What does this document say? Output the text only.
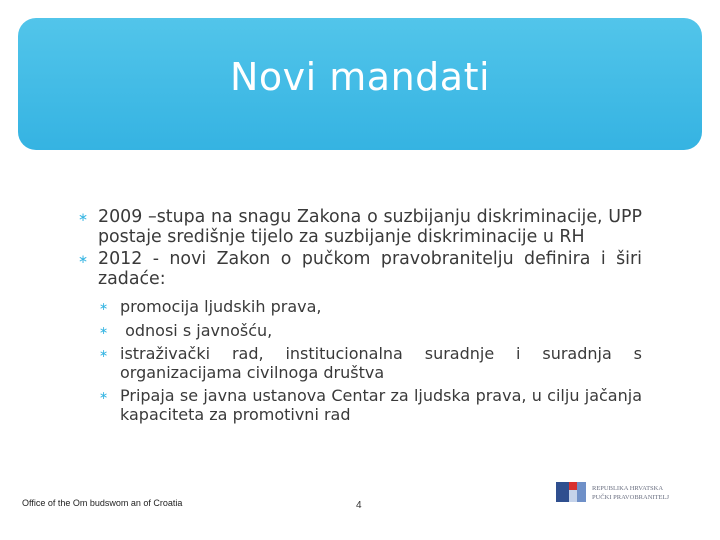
Novi mandati
∗ 2009 –stupa na snagu Zakona o suzbijanju diskriminacije, UPP postaje središnje tijelo za suzbijanje diskriminacije u RH
∗ 2012 - novi Zakon o pučkom pravobranitelju definira i širi zadaće:
∗ promocija ljudskih prava,
∗ odnosi s javnošću,
∗ istraživački rad, institucionalna suradnje i suradnja s organizacijama civilnoga društva
∗ Pripaja se javna ustanova Centar za ljudska prava, u cilju jačanja kapaciteta za promotivni rad
Office of the Om budswom an of Croatia	4
REPUBLIKA HRVATSKA
PUČKI PRAVOBRANITELJ
